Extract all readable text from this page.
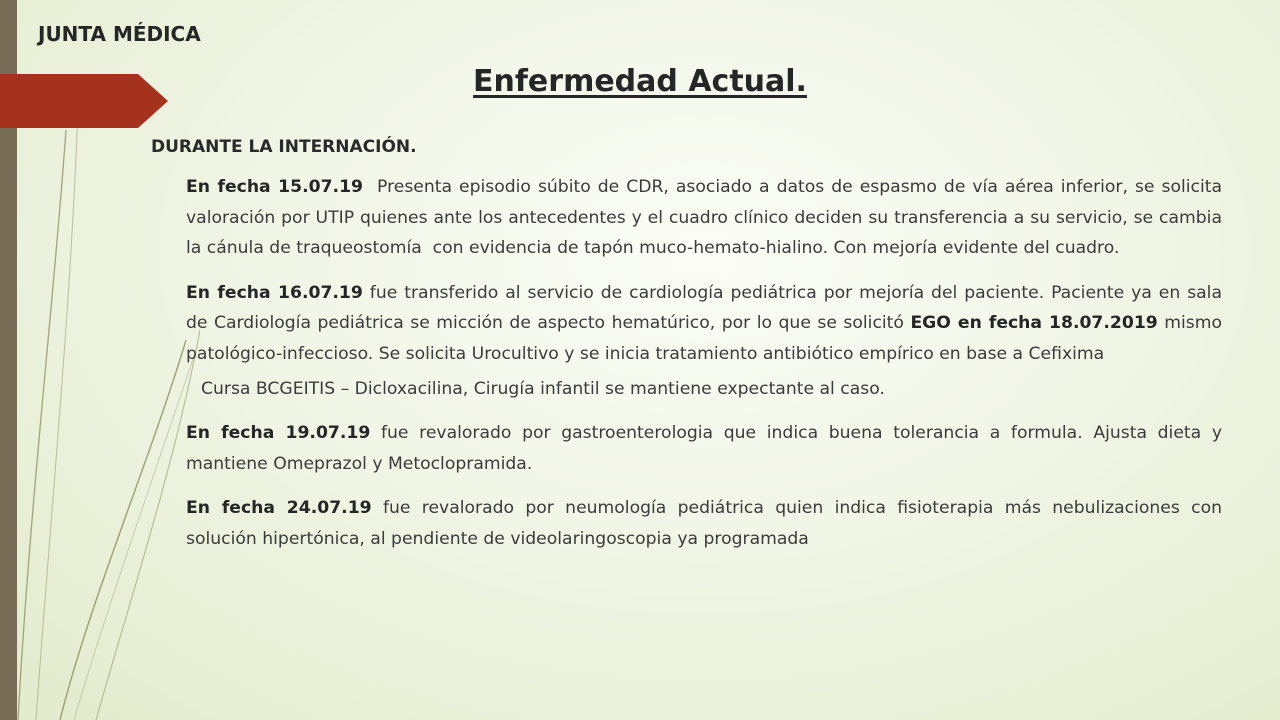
JUNTA MÉDICA
Enfermedad Actual.
DURANTE LA INTERNACIÓN.

En fecha 15.07.19  Presenta episodio súbito de CDR, asociado a datos de espasmo de vía aérea inferior, se solicita valoración por UTIP quienes ante los antecedentes y el cuadro clínico deciden su transferencia a su servicio, se cambia la cánula de traqueostomía  con evidencia de tapón muco-hemato-hialino. Con mejoría evidente del cuadro.

En fecha 16.07.19 fue transferido al servicio de cardiología pediátrica por mejoría del paciente. Paciente ya en sala de Cardiología pediátrica se micción de aspecto hematúrico, por lo que se solicitó EGO en fecha 18.07.2019 mismo patológico-infeccioso. Se solicita Urocultivo y se inicia tratamiento antibiótico empírico en base a Cefixima

Cursa BCGEITIS – Dicloxacilina, Cirugía infantil se mantiene expectante al caso.

En fecha 19.07.19 fue revalorado por gastroenterologia que indica buena tolerancia a formula. Ajusta dieta y mantiene Omeprazol y Metoclopramida.

En fecha 24.07.19 fue revalorado por neumología pediátrica quien indica fisioterapia más nebulizaciones con solución hipertónica, al pendiente de videolaringoscopia ya programada
